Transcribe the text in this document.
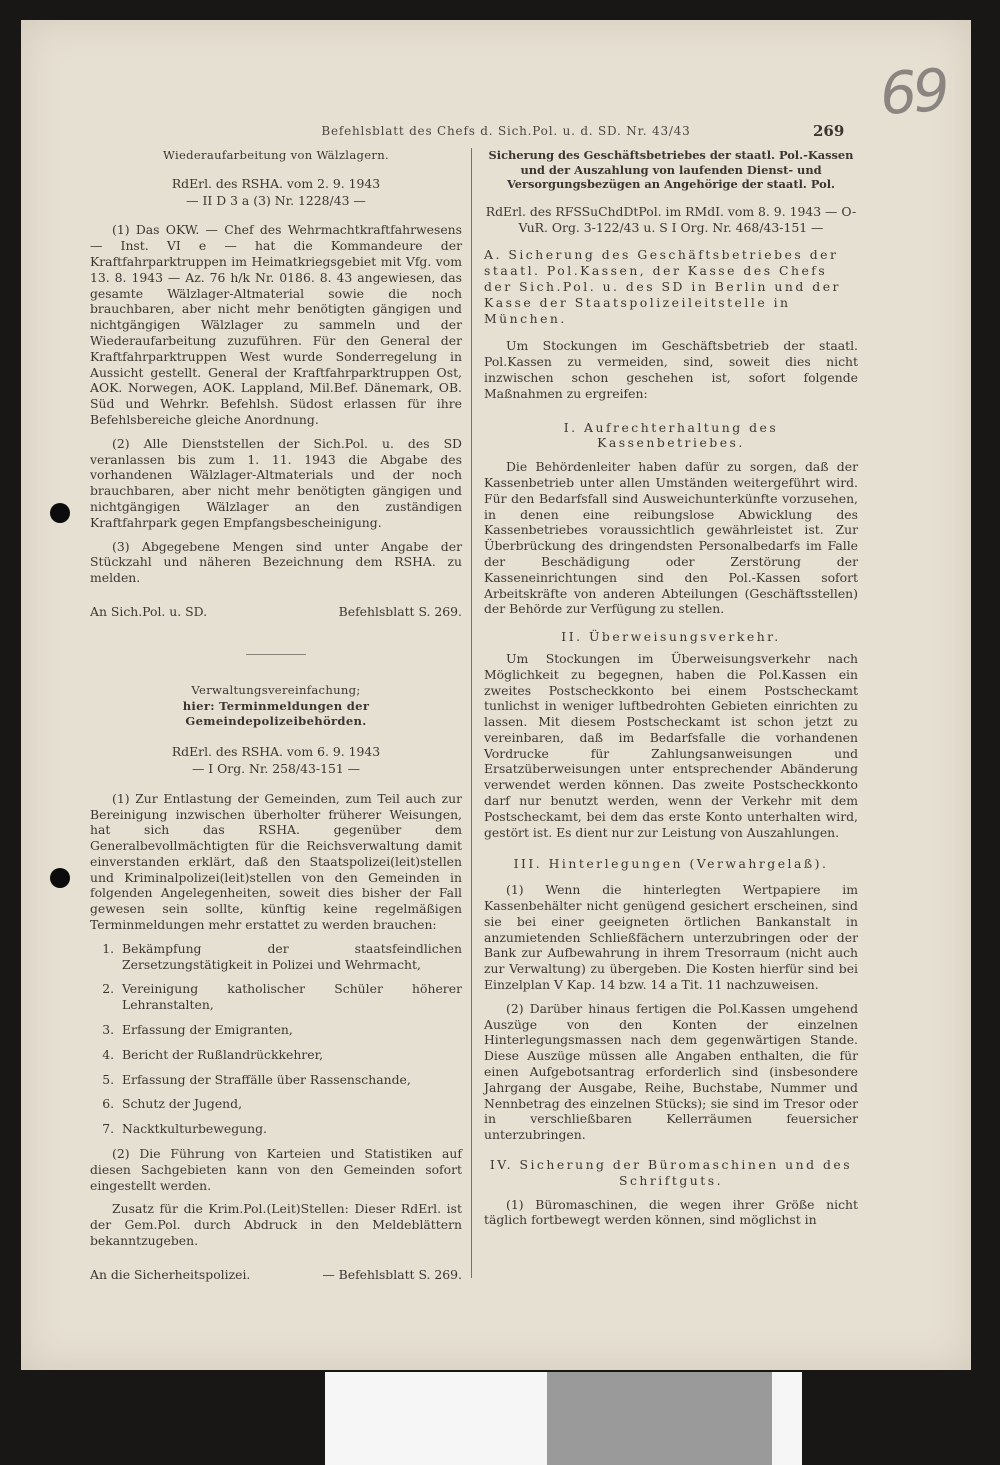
Befehlsblatt des Chefs d. Sich.Pol. u. d. SD. Nr. 43/43	269
69

Wiederaufarbeitung von Wälzlagern.

RdErl. des RSHA. vom 2. 9. 1943

— II D 3 a (3) Nr. 1228/43 —

(1) Das OKW. — Chef des Wehrmachtkraftfahrwesens — Inst. VI e — hat die Kommandeure der Kraftfahrparktruppen im Heimatkriegsgebiet mit Vfg. vom 13. 8. 1943 — Az. 76 h/k Nr. 0186. 8. 43 angewiesen, das gesamte Wälzlager-Altmaterial sowie die noch brauchbaren, aber nicht mehr benötigten gängigen und nichtgängigen Wälzlager zu sammeln und der Wiederaufarbeitung zuzuführen. Für den General der Kraftfahrparktruppen West wurde Sonderregelung in Aussicht gestellt. General der Kraftfahrparktruppen Ost, AOK. Norwegen, AOK. Lappland, Mil.Bef. Dänemark, OB. Süd und Wehrkr. Befehlsh. Südost erlassen für ihre Befehlsbereiche gleiche Anordnung.

(2) Alle Dienststellen der Sich.Pol. u. des SD veranlassen bis zum 1. 11. 1943 die Abgabe des vorhandenen Wälzlager-Altmaterials und der noch brauchbaren, aber nicht mehr benötigten gängigen und nichtgängigen Wälzlager an den zuständigen Kraftfahrpark gegen Empfangsbescheinigung.

(3) Abgegebene Mengen sind unter Angabe der Stückzahl und näheren Bezeichnung dem RSHA. zu melden.

An Sich.Pol. u. SD.	Befehlsblatt S. 269.

Verwaltungsvereinfachung;

hier: Terminmeldungen der Gemeindepolizeibehörden.

RdErl. des RSHA. vom 6. 9. 1943

— I Org. Nr. 258/43-151 —

(1) Zur Entlastung der Gemeinden, zum Teil auch zur Bereinigung inzwischen überholter früherer Weisungen, hat sich das RSHA. gegenüber dem Generalbevollmächtigten für die Reichsverwaltung damit einverstanden erklärt, daß den Staatspolizei(leit)stellen und Kriminalpolizei(leit)stellen von den Gemeinden in folgenden Angelegenheiten, soweit dies bisher der Fall gewesen sein sollte, künftig keine regelmäßigen Terminmeldungen mehr erstattet zu werden brauchen:

1. Bekämpfung der staatsfeindlichen Zersetzungstätigkeit in Polizei und Wehrmacht,
2. Vereinigung katholischer Schüler höherer Lehranstalten,
3. Erfassung der Emigranten,
4. Bericht der Rußlandrückkehrer,
5. Erfassung der Straffälle über Rassenschande,
6. Schutz der Jugend,
7. Nacktkulturbewegung.

(2) Die Führung von Karteien und Statistiken auf diesen Sachgebieten kann von den Gemeinden sofort eingestellt werden.

Zusatz für die Krim.Pol.(Leit)Stellen: Dieser RdErl. ist der Gem.Pol. durch Abdruck in den Meldeblättern bekanntzugeben.

An die Sicherheitspolizei.	— Befehlsblatt S. 269.

Sicherung des Geschäftsbetriebes der staatl. Pol.-Kassen und der Auszahlung von laufenden Dienst- und Versorgungsbezügen an Angehörige der staatl. Pol.

RdErl. des RFSSuChdDtPol. im RMdI. vom 8. 9. 1943 — O-VuR. Org. 3-122/43 u. S I Org. Nr. 468/43-151 —

A. Sicherung des Geschäftsbetriebes der staatl. Pol.Kassen, der Kasse des Chefs der Sich.Pol. u. des SD in Berlin und der Kasse der Staatspolizeileitstelle in München.

Um Stockungen im Geschäftsbetrieb der staatl. Pol.Kassen zu vermeiden, sind, soweit dies nicht inzwischen schon geschehen ist, sofort folgende Maßnahmen zu ergreifen:

I. Aufrechterhaltung des Kassenbetriebes.

Die Behördenleiter haben dafür zu sorgen, daß der Kassenbetrieb unter allen Umständen weitergeführt wird. Für den Bedarfsfall sind Ausweichunterkünfte vorzusehen, in denen eine reibungslose Abwicklung des Kassenbetriebes voraussichtlich gewährleistet ist. Zur Überbrückung des dringendsten Personalbedarfs im Falle der Beschädigung oder Zerstörung der Kasseneinrichtungen sind den Pol.-Kassen sofort Arbeitskräfte von anderen Abteilungen (Geschäftsstellen) der Behörde zur Verfügung zu stellen.

II. Überweisungsverkehr.

Um Stockungen im Überweisungsverkehr nach Möglichkeit zu begegnen, haben die Pol.Kassen ein zweites Postscheckkonto bei einem Postscheckamt tunlichst in weniger luftbedrohten Gebieten einrichten zu lassen. Mit diesem Postscheckamt ist schon jetzt zu vereinbaren, daß im Bedarfsfalle die vorhandenen Vordrucke für Zahlungsanweisungen und Ersatzüberweisungen unter entsprechender Abänderung verwendet werden können. Das zweite Postscheckkonto darf nur benutzt werden, wenn der Verkehr mit dem Postscheckamt, bei dem das erste Konto unterhalten wird, gestört ist. Es dient nur zur Leistung von Auszahlungen.

III. Hinterlegungen (Verwahrgelaß).

(1) Wenn die hinterlegten Wertpapiere im Kassenbehälter nicht genügend gesichert erscheinen, sind sie bei einer geeigneten örtlichen Bankanstalt in anzumietenden Schließfächern unterzubringen oder der Bank zur Aufbewahrung in ihrem Tresorraum (nicht auch zur Verwaltung) zu übergeben. Die Kosten hierfür sind bei Einzelplan V Kap. 14 bzw. 14 a Tit. 11 nachzuweisen.

(2) Darüber hinaus fertigen die Pol.Kassen umgehend Auszüge von den Konten der einzelnen Hinterlegungsmassen nach dem gegenwärtigen Stande. Diese Auszüge müssen alle Angaben enthalten, die für einen Aufgebotsantrag erforderlich sind (insbesondere Jahrgang der Ausgabe, Reihe, Buchstabe, Nummer und Nennbetrag des einzelnen Stücks); sie sind im Tresor oder in verschließbaren Kellerräumen feuersicher unterzubringen.

IV. Sicherung der Büromaschinen und des Schriftguts.

(1) Büromaschinen, die wegen ihrer Größe nicht täglich fortbewegt werden können, sind möglichst in
